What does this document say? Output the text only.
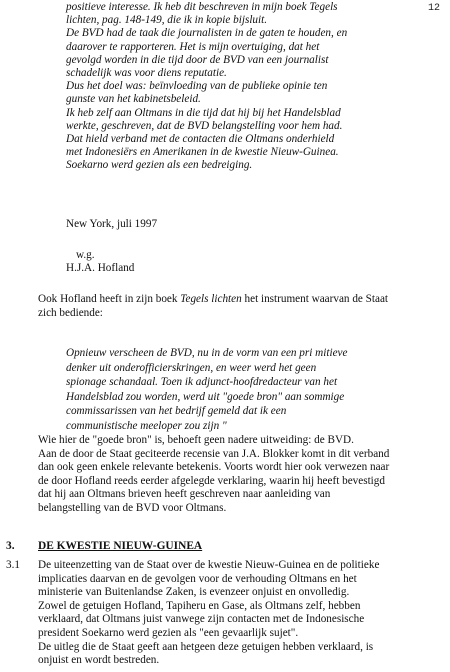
12
positieve interesse. Ik heb dit beschreven in mijn boek Tegels
lichten, pag. 148-149, die ik in kopie bijsluit.
De BVD had de taak die journalisten in de gaten te houden, en
daarover te rapporteren. Het is mijn overtuiging, dat het
gevolgd worden in die tijd door de BVD van een journalist
schadelijk was voor diens reputatie.
Dus het doel was: beïnvloeding van de publieke opinie ten
gunste van het kabinetsbeleid.
Ik heb zelf aan Oltmans in die tijd dat hij bij het Handelsblad
werkte, geschreven, dat de BVD belangstelling voor hem had.
Dat hield verband met de contacten die Oltmans onderhield
met Indonesiërs en Amerikanen in de kwestie Nieuw-Guinea.
Soekarno werd gezien als een bedreiging.
New York, juli 1997
w.g.
H.J.A. Hofland
Ook Hofland heeft in zijn boek Tegels lichten het instrument waarvan de Staat
zich bediende:
Opnieuw verscheen de BVD, nu in de vorm van een pri mitieve
denker uit onderofficierskringen, en weer werd het geen
spionage schandaal. Toen ik adjunct-hoofdredacteur van het
Handelsblad zou worden, werd uit "goede bron" aan sommige
commissarissen van het bedrijf gemeld dat ik een
communistische meeloper zou zijn "
Wie hier de "goede bron" is, behoeft geen nadere uitweiding: de BVD.
Aan de door de Staat geciteerde recensie van J.A. Blokker komt in dit verband
dan ook geen enkele relevante betekenis. Voorts wordt hier ook verwezen naar
de door Hofland reeds eerder afgelegde verklaring, waarin hij heeft bevestigd
dat hij aan Oltmans brieven heeft geschreven naar aanleiding van
belangstelling van de BVD voor Oltmans.
3. DE KWESTIE NIEUW-GUINEA
3.1 De uiteenzetting van de Staat over de kwestie Nieuw-Guinea en de politieke
implicaties daarvan en de gevolgen voor de verhouding Oltmans en het
ministerie van Buitenlandse Zaken, is evenzeer onjuist en onvolledig.
Zowel de getuigen Hofland, Tapiheru en Gase, als Oltmans zelf, hebben
verklaard, dat Oltmans juist vanwege zijn contacten met de Indonesische
president Soekarno werd gezien als "een gevaarlijk sujet".
De uitleg die de Staat geeft aan hetgeen deze getuigen hebben verklaard, is
onjuist en wordt bestreden.
